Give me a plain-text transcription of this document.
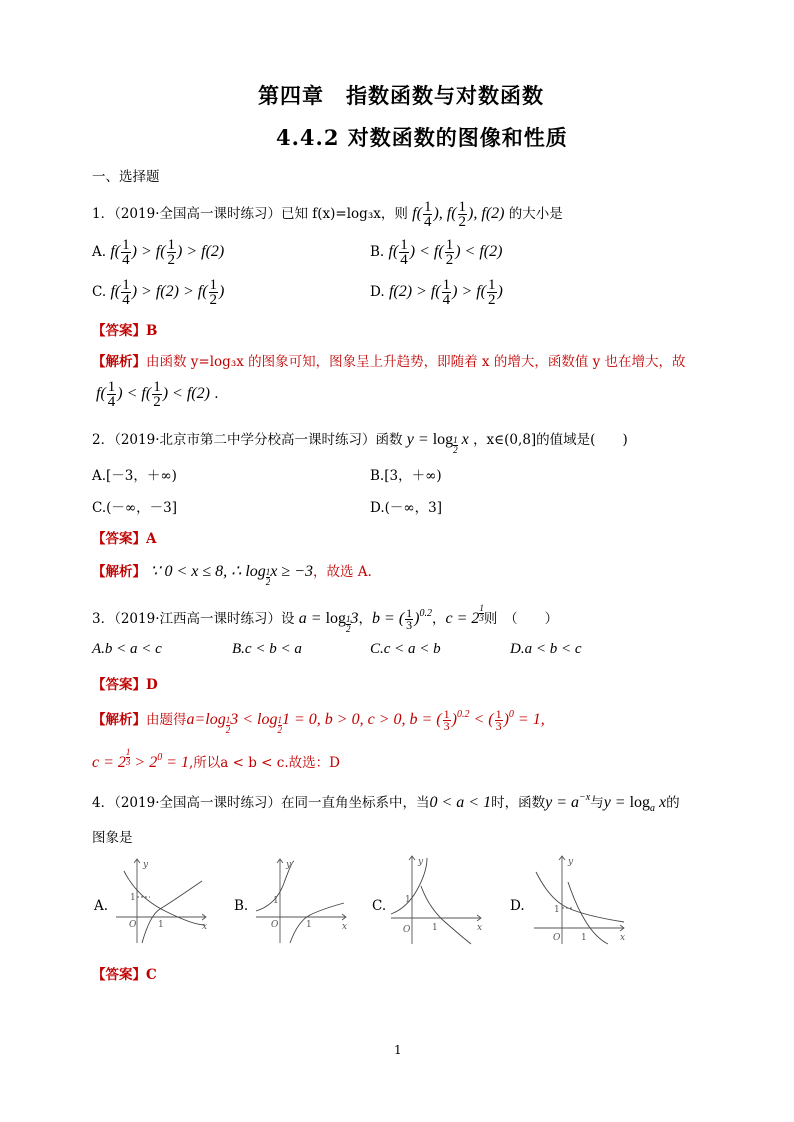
第四章　指数函数与对数函数
4.4.2 对数函数的图像和性质
一、选择题
1．（2019·全国高一课时练习）已知 f(x)=log₃x，则 $f( \frac{1}{4}$ ), $f( \frac{1}{2}$ ), f(2) 的大小是
A. $f( \frac{1}{4}$ ) > $f( \frac{1}{2}$ ) > f(2)	B. $f( \frac{1}{4}$ ) < $f( \frac{1}{2}$ ) < f(2)
C. $f( \frac{1}{4}$ ) > $f(2) > f( \frac{1}{2}$ )	D. $f(2) > f( \frac{1}{4}$ ) > $f( \frac{1}{2}$ )
【答案】B
【解析】由函数 y=log₃x 的图象可知，图象呈上升趋势，即随着 x 的增大，函数值 y 也在增大，故
$f( \frac{1}{4}$ ) < $f( \frac{1}{2}$ ) < f(2) .
2．（2019·北京市第二中学分校高一课时练习）函数 y = log $_{\frac{1}{2}}$ x ，x∈(0,8]的值域是(　　)
A.[－3，＋∞)	B.[3，＋∞)
C.(－∞，－3]	D.(－∞，3]
【答案】A
【解析】 ∵ 0 < x ≤ 8, ∴ log $_{\frac{1}{2}}$x ≥ −3，故选 A.
3．（2019·江西高一课时练习）设 a = log $_{\frac{1}{2}}$3，b = ( $\frac{1}{3} )^{0.2}$，c = 2 $^{\frac{1}{3}}$则　（　　）
A.b < a < c	B.c < b < a	C.c < a < b	D.a < b < c
【答案】D
【解析】由题得a=log $_{\frac{1}{2}}$3 < log $_{\frac{1}{2}}$1 = 0, b > 0, c > 0, b = ( $\frac{1}{3} )^{0.2}$ < ( $\frac{1}{3} )^0 = 1$,
c = 2 $^{\frac{1}{3}} > 2^0 = 1$,所以a < b < c.故选：D
4．（2019·全国高一课时练习）在同一直角坐标系中，当0 < a < 1时，函数$y = a^{-x}$与$y = \log_a x$的
图象是
A.	B.	C.	D.
y
x
O
1
1
y
x
O
1
1
y
x
O
1
1
y
x
O
1
1
【答案】C
1
